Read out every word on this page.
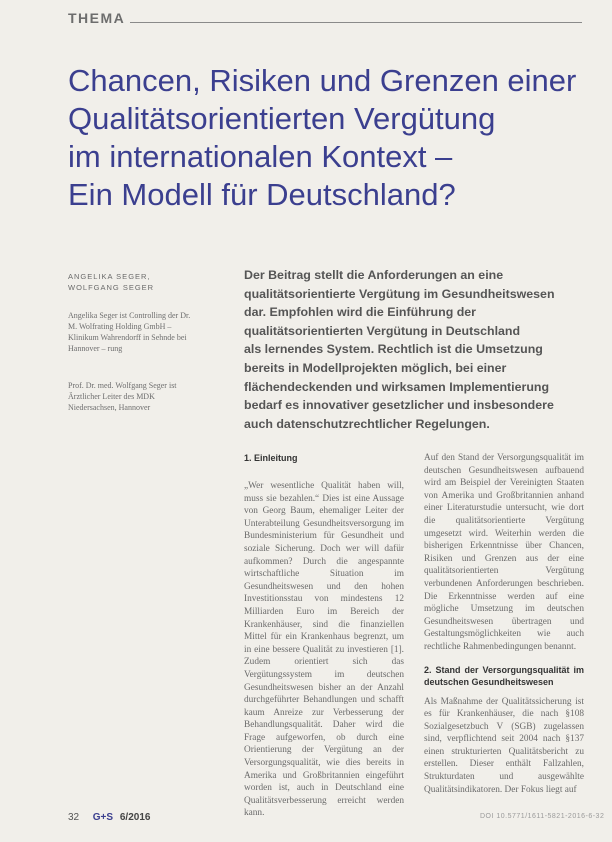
THEMA
Chancen, Risiken und Grenzen einer
Qualitätsorientierten Vergütung
im internationalen Kontext –
Ein Modell für Deutschland?
ANGELIKA SEGER,
WOLFGANG SEGER
Angelika Seger ist Controlling der Dr. M. Wolfrating Holding GmbH – Klinikum Wahrendorff in Sehnde bei Hannover – rung
Prof. Dr. med. Wolfgang Seger ist Ärztlicher Leiter des MDK Niedersachsen, Hannover
Der Beitrag stellt die Anforderungen an eine
qualitätsorientierte Vergütung im Gesundheitswesen
dar. Empfohlen wird die Einführung der
qualitätsorientierten Vergütung in Deutschland
als lernendes System. Rechtlich ist die Umsetzung
bereits in Modellprojekten möglich, bei einer
flächendeckenden und wirksamen Implementierung
bedarf es innovativer gesetzlicher und insbesondere
auch datenschutzrechtlicher Regelungen.
1. Einleitung

„Wer wesentliche Qualität haben will, muss sie bezahlen.“ Dies ist eine Aussage von Georg Baum, ehemaliger Leiter der Unterabteilung Gesundheitsversorgung im Bundesministerium für Gesundheit und soziale Sicherung. Doch wer will dafür aufkommen? Durch die angespannte wirtschaftliche Situation im Gesundheitswesen und den hohen Investitionsstau von mindestens 12 Milliarden Euro im Bereich der Krankenhäuser, sind die finanziellen Mittel für ein Krankenhaus begrenzt, um in eine bessere Qualität zu investieren [1]. Zudem orientiert sich das Vergütungssystem im deutschen Gesundheitswesen bisher an der Anzahl durchgeführter Behandlungen und schafft kaum Anreize zur Verbesserung der Behandlungsqualität. Daher wird die Frage aufgeworfen, ob durch eine Orientierung der Vergütung an der Versorgungsqualität, wie dies bereits in Amerika und Großbritannien eingeführt worden ist, auch in Deutschland eine Qualitätsverbesserung erreicht werden kann.

Auf den Stand der Versorgungsqualität im deutschen Gesundheitswesen aufbauend wird am Beispiel der Vereinigten Staaten von Amerika und Großbritannien anhand einer Literaturstudie untersucht, wie dort die qualitätsorientierte Vergütung umgesetzt wird. Weiterhin werden die bisherigen Erkenntnisse über Chancen, Risiken und Grenzen aus der eine qualitätsorientierten Vergütung verbundenen Anforderungen beschrieben. Die Erkenntnisse werden auf eine mögliche Umsetzung im deutschen Gesundheitswesen übertragen und Gestaltungsmöglichkeiten wie auch rechtliche Rahmenbedingungen benannt.

2. Stand der Versorgungsqualität im deutschen Gesundheitswesen

Als Maßnahme der Qualitätssicherung ist es für Krankenhäuser, die nach §108 Sozialgesetzbuch V (SGB) zugelassen sind, verpflichtend seit 2004 nach §137 einen strukturierten Qualitätsbericht zu erstellen. Dieser enthält Fallzahlen, Strukturdaten und ausgewählte Qualitätsindikatoren. Der Fokus liegt auf

32 G+S 6/2016	DOI 10.5771/1611-5821-2016-6-32
